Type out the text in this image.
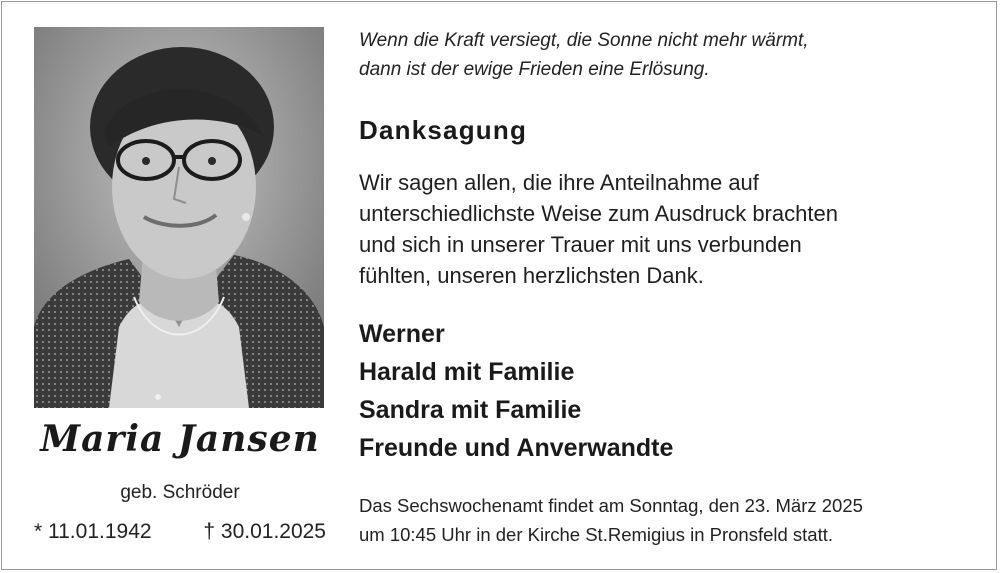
Maria Jansen
geb. Schröder
* 11.01.1942 † 30.01.2025
Wenn die Kraft versiegt, die Sonne nicht mehr wärmt,
dann ist der ewige Frieden eine Erlösung.
Danksagung
Wir sagen allen, die ihre Anteilnahme auf
unterschiedlichste Weise zum Ausdruck brachten
und sich in unserer Trauer mit uns verbunden
fühlten, unseren herzlichsten Dank.
Werner
Harald mit Familie
Sandra mit Familie
Freunde und Anverwandte
Das Sechswochenamt findet am Sonntag, den 23. März 2025
um 10:45 Uhr in der Kirche St.Remigius in Pronsfeld statt.
